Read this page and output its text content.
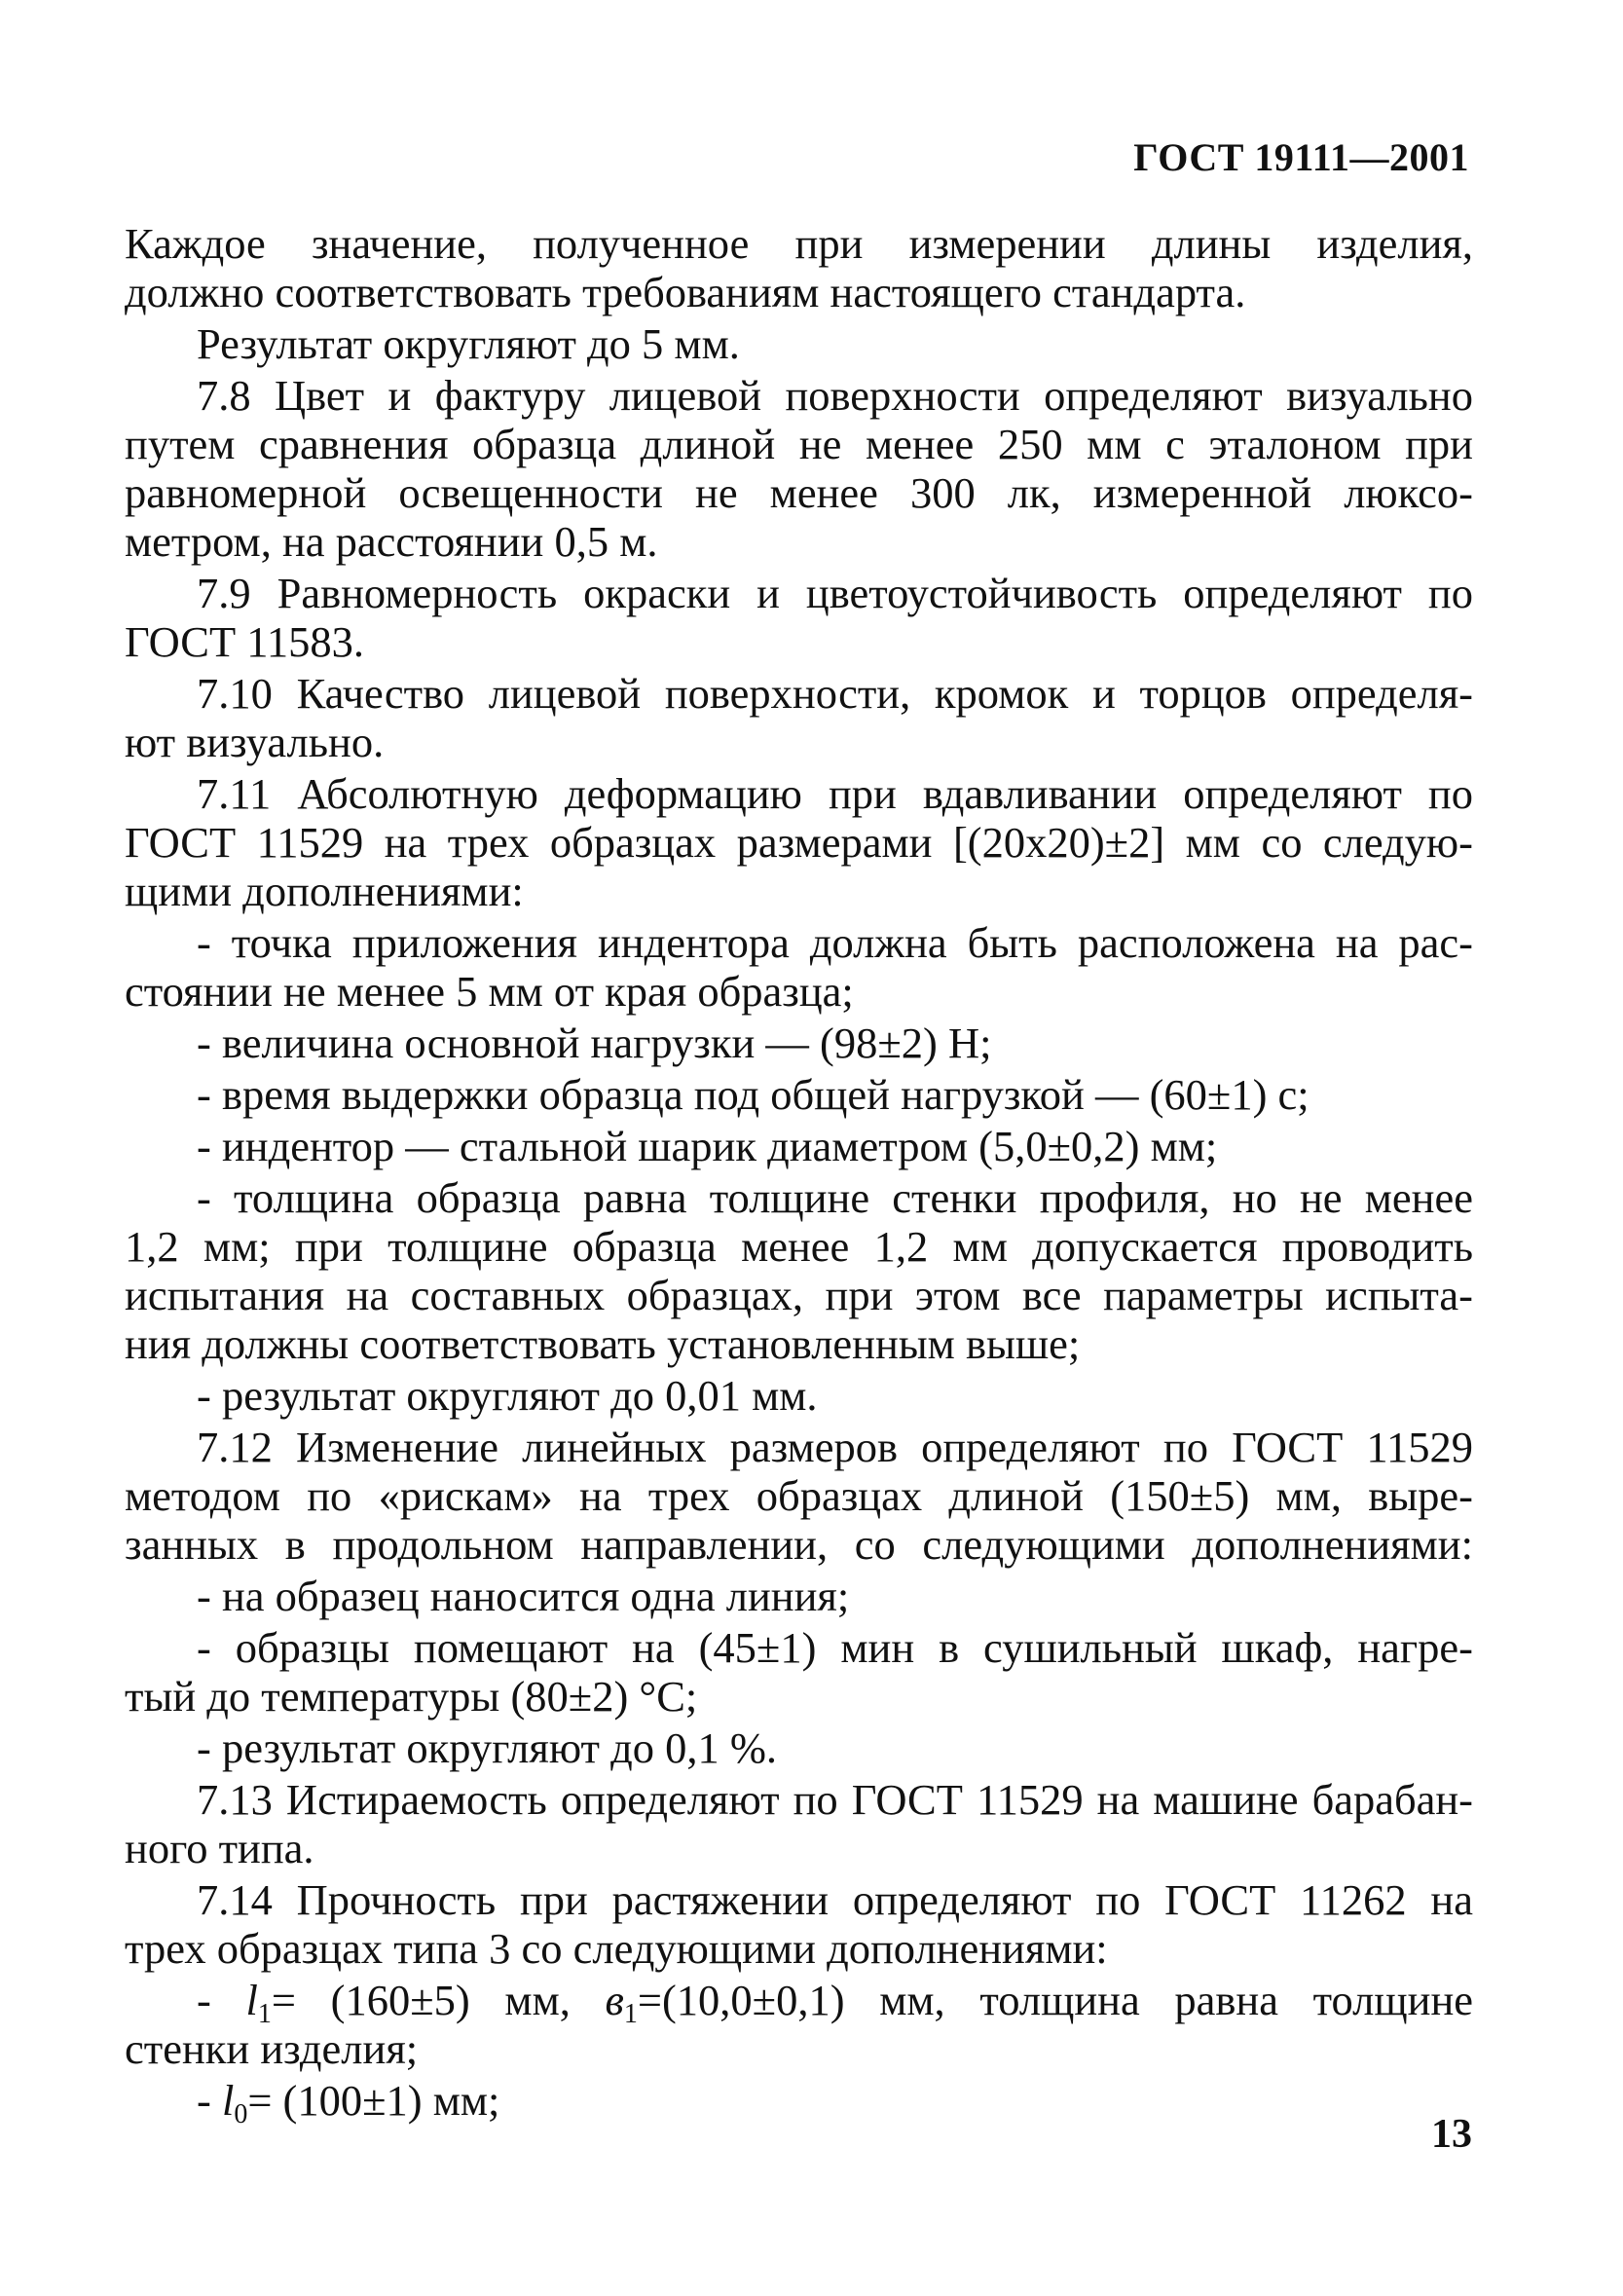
ГОСТ 19111—2001
Каждое значение, полученное при измерении длины изделия,
должно соответствовать требованиям настоящего стандарта.
Результат округляют до 5 мм.
7.8 Цвет и фактуру лицевой поверхности определяют визуально
путем сравнения образца длиной не менее 250 мм с эталоном при
равномерной освещенности не менее 300 лк, измеренной люксо-
метром, на расстоянии 0,5 м.
7.9 Равномерность окраски и цветоустойчивость определяют по
ГОСТ 11583.
7.10 Качество лицевой поверхности, кромок и торцов определя-
ют визуально.
7.11 Абсолютную деформацию при вдавливании определяют по
ГОСТ 11529 на трех образцах размерами [(20x20)±2] мм со следую-
щими дополнениями:
- точка приложения индентора должна быть расположена на рас-
стоянии не менее 5 мм от края образца;
- величина основной нагрузки — (98±2) Н;
- время выдержки образца под общей нагрузкой — (60±1) с;
- индентор — стальной шарик диаметром (5,0±0,2) мм;
- толщина образца равна толщине стенки профиля, но не менее
1,2 мм; при толщине образца менее 1,2 мм допускается проводить
испытания на составных образцах, при этом все параметры испыта-
ния должны соответствовать установленным выше;
- результат округляют до 0,01 мм.
7.12 Изменение линейных размеров определяют по ГОСТ 11529
методом по «рискам» на трех образцах длиной (150±5) мм, выре-
занных в продольном направлении, со следующими дополнениями:
- на образец наносится одна линия;
- образцы помещают на (45±1) мин в сушильный шкаф, нагре-
тый до температуры (80±2) °С;
- результат округляют до 0,1 %.
7.13 Истираемость определяют по ГОСТ 11529 на машине барабан-
ного типа.
7.14 Прочность при растяжении определяют по ГОСТ 11262 на
трех образцах типа 3 со следующими дополнениями:
- $l_1= (160\pm 5)$ мм, $в_1=(10,0\pm 0,1)$ мм, толщина равна толщине
стенки изделия;
- $l_0= (100\pm 1)$ мм;
13
